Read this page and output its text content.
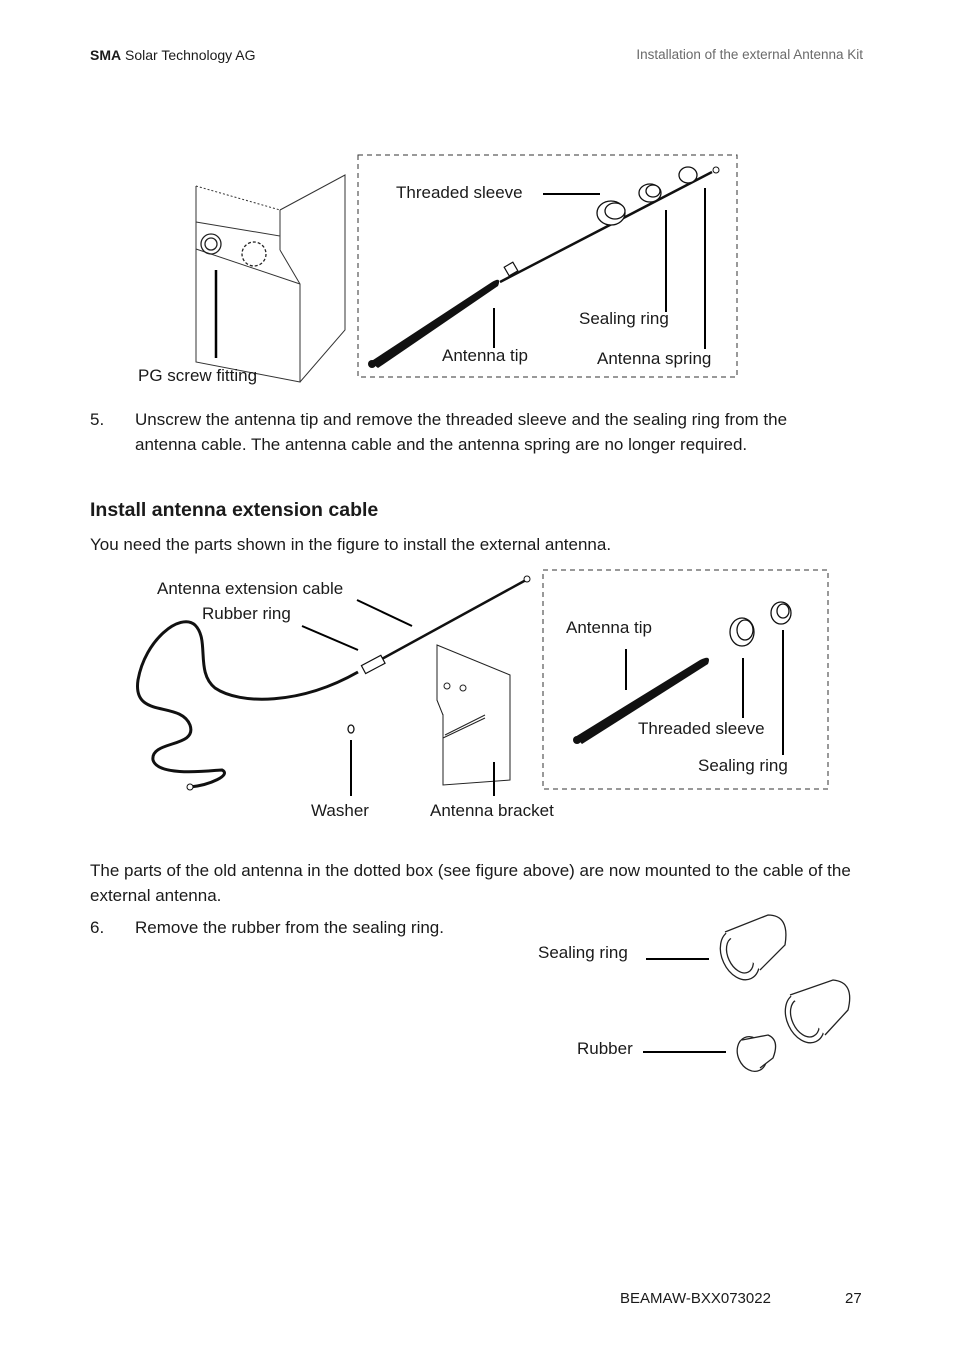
SMA Solar Technology AG	Installation of the external Antenna Kit
Threaded sleeve
Sealing ring
Antenna tip	Antenna spring
PG screw fitting
5. Unscrew the antenna tip and remove the threaded sleeve and the sealing ring from the antenna cable. The antenna cable and the antenna spring are no longer required.
Install antenna extension cable
You need the parts shown in the figure to install the external antenna.
Antenna extension cable
Rubber ring
Antenna tip
Threaded sleeve
Sealing ring
Washer	Antenna bracket
The parts of the old antenna in the dotted box (see figure above) are now mounted to the cable of the external antenna.
6. Remove the rubber from the sealing ring.
Sealing ring
Rubber
BEAMAW-BXX073022	27
